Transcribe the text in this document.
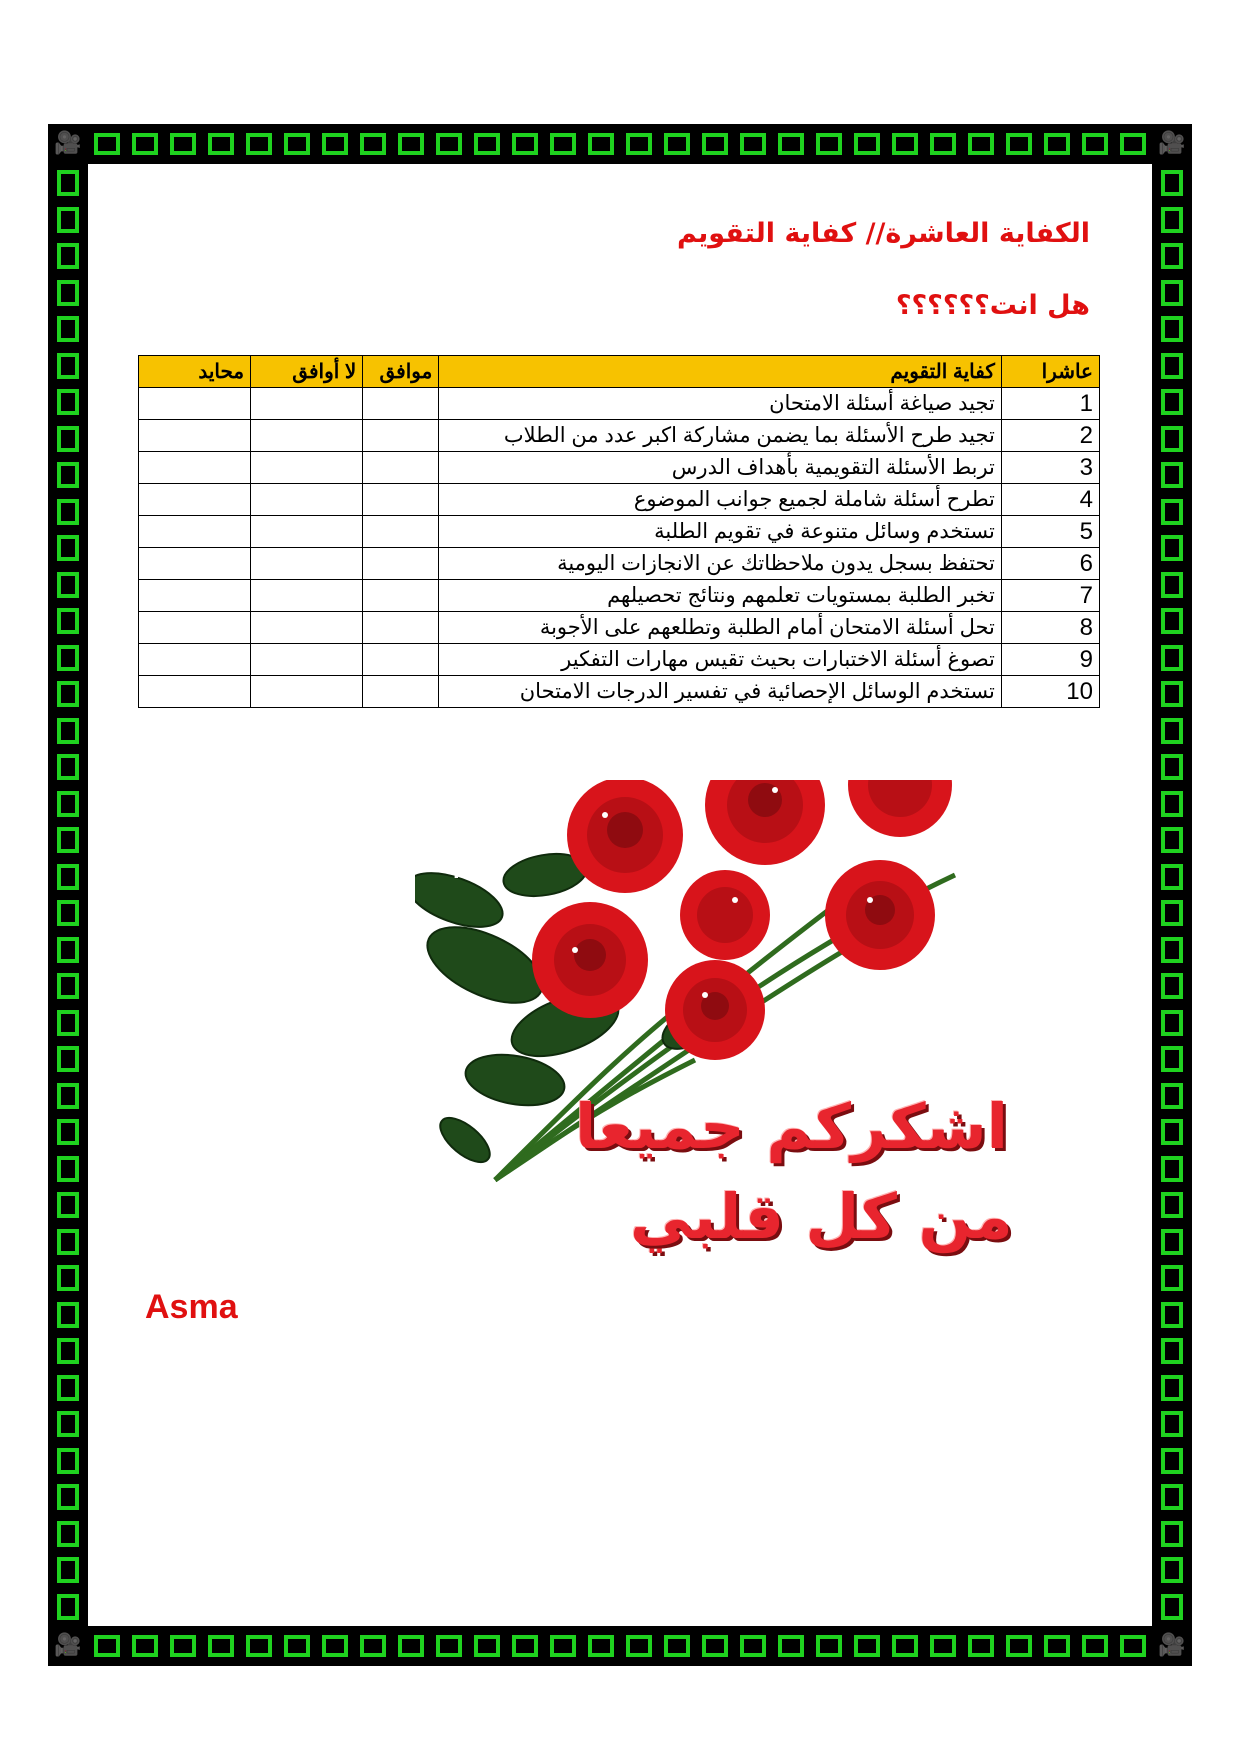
🎥	🎥
🎥	🎥
الكفاية العاشرة// كفاية التقويم
هل انت؟؟؟؟؟؟
عاشرا	كفاية التقويم	موافق	لا أوافق	محايد
1	تجيد صياغة أسئلة الامتحان			
2	تجيد طرح الأسئلة بما يضمن مشاركة اكبر عدد من الطلاب			
3	تربط الأسئلة التقويمية بأهداف الدرس			
4	تطرح أسئلة شاملة لجميع جوانب الموضوع			
5	تستخدم وسائل متنوعة في تقويم الطلبة			
6	تحتفظ بسجل يدون ملاحظاتك عن الانجازات اليومية			
7	تخبر الطلبة بمستويات تعلمهم ونتائج تحصيلهم			
8	تحل أسئلة الامتحان أمام الطلبة وتطلعهم على الأجوبة			
9	تصوغ أسئلة الاختبارات بحيث تقيس مهارات التفكير			
10	تستخدم الوسائل الإحصائية في تفسير الدرجات الامتحان			
F
اشكركم جميعا
من كل قلبي
Asma
